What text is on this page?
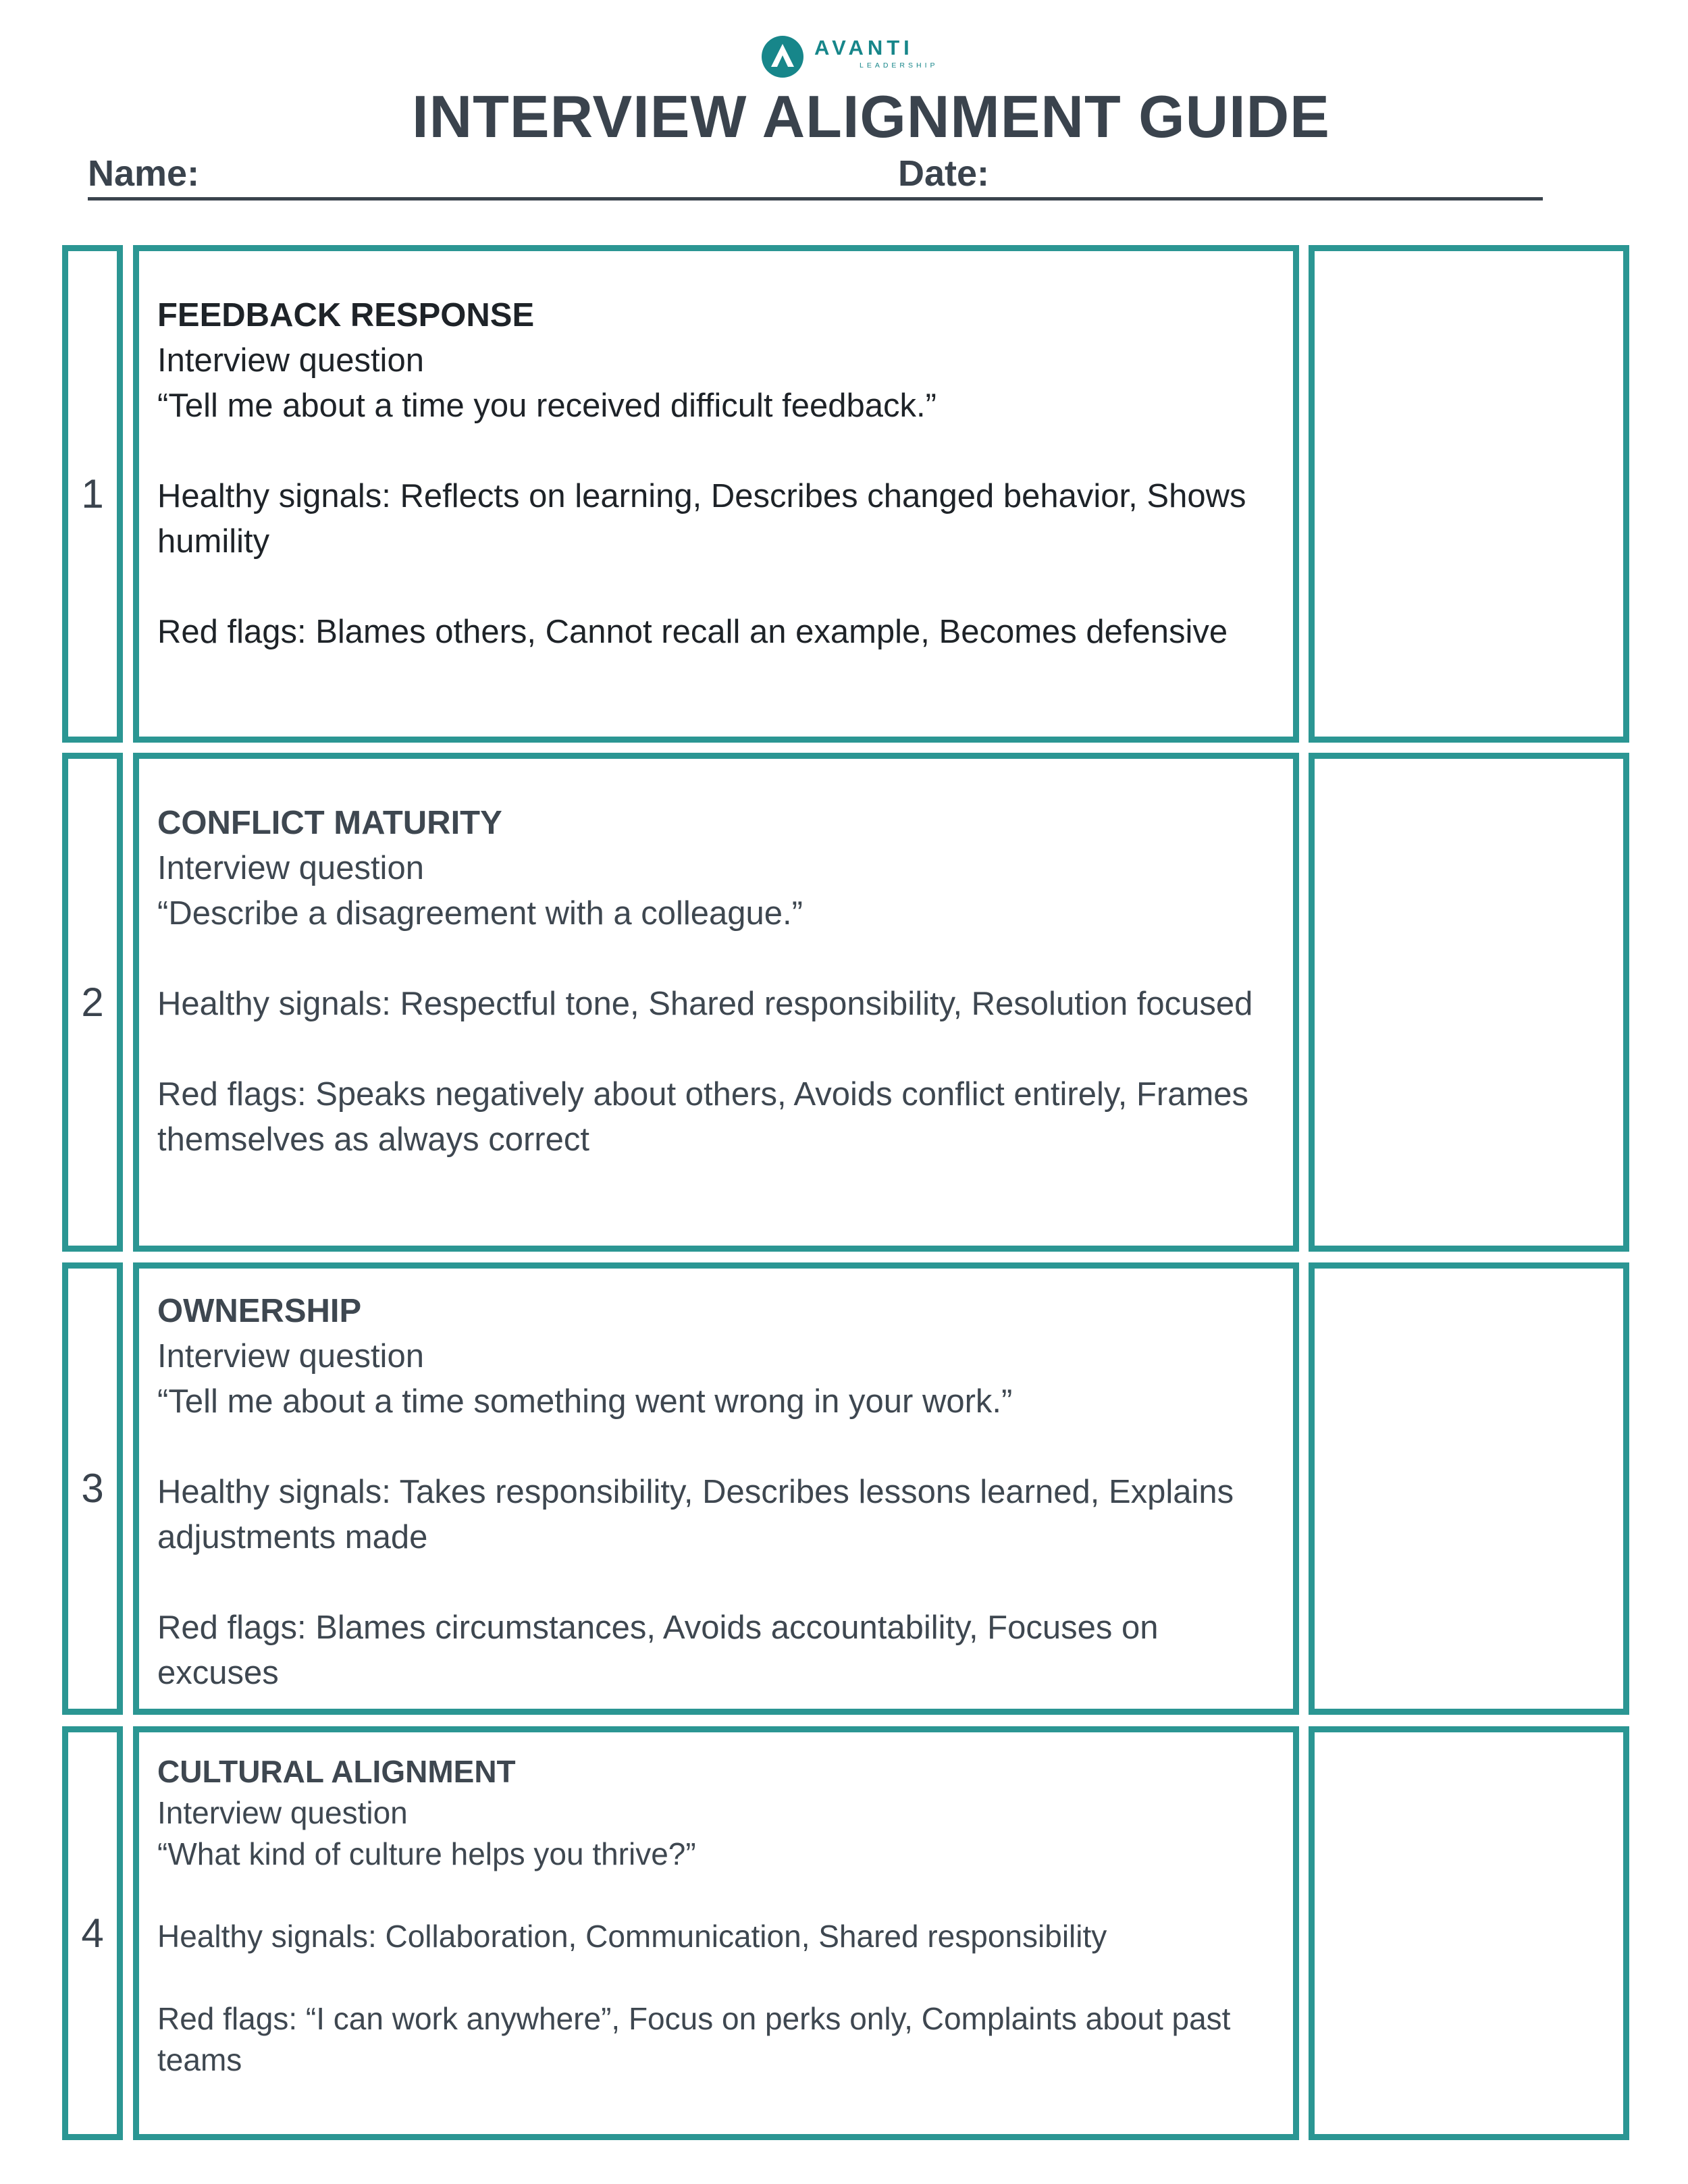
AVANTI
LEADERSHIP
INTERVIEW ALIGNMENT GUIDE
Name:	Date:
1
FEEDBACK RESPONSE
Interview question
“Tell me about a time you received difficult feedback.”
Healthy signals: Reflects on learning, Describes changed behavior, Shows humility
Red flags: Blames others, Cannot recall an example, Becomes defensive
2
CONFLICT MATURITY
Interview question
“Describe a disagreement with a colleague.”
Healthy signals: Respectful tone, Shared responsibility, Resolution focused
Red flags: Speaks negatively about others, Avoids conflict entirely, Frames themselves as always correct
3
OWNERSHIP
Interview question
“Tell me about a time something went wrong in your work.”
Healthy signals: Takes responsibility, Describes lessons learned, Explains adjustments made
Red flags: Blames circumstances, Avoids accountability, Focuses on excuses
4
CULTURAL ALIGNMENT
Interview question
“What kind of culture helps you thrive?”
Healthy signals: Collaboration, Communication, Shared responsibility
Red flags: “I can work anywhere”, Focus on perks only, Complaints about past teams
